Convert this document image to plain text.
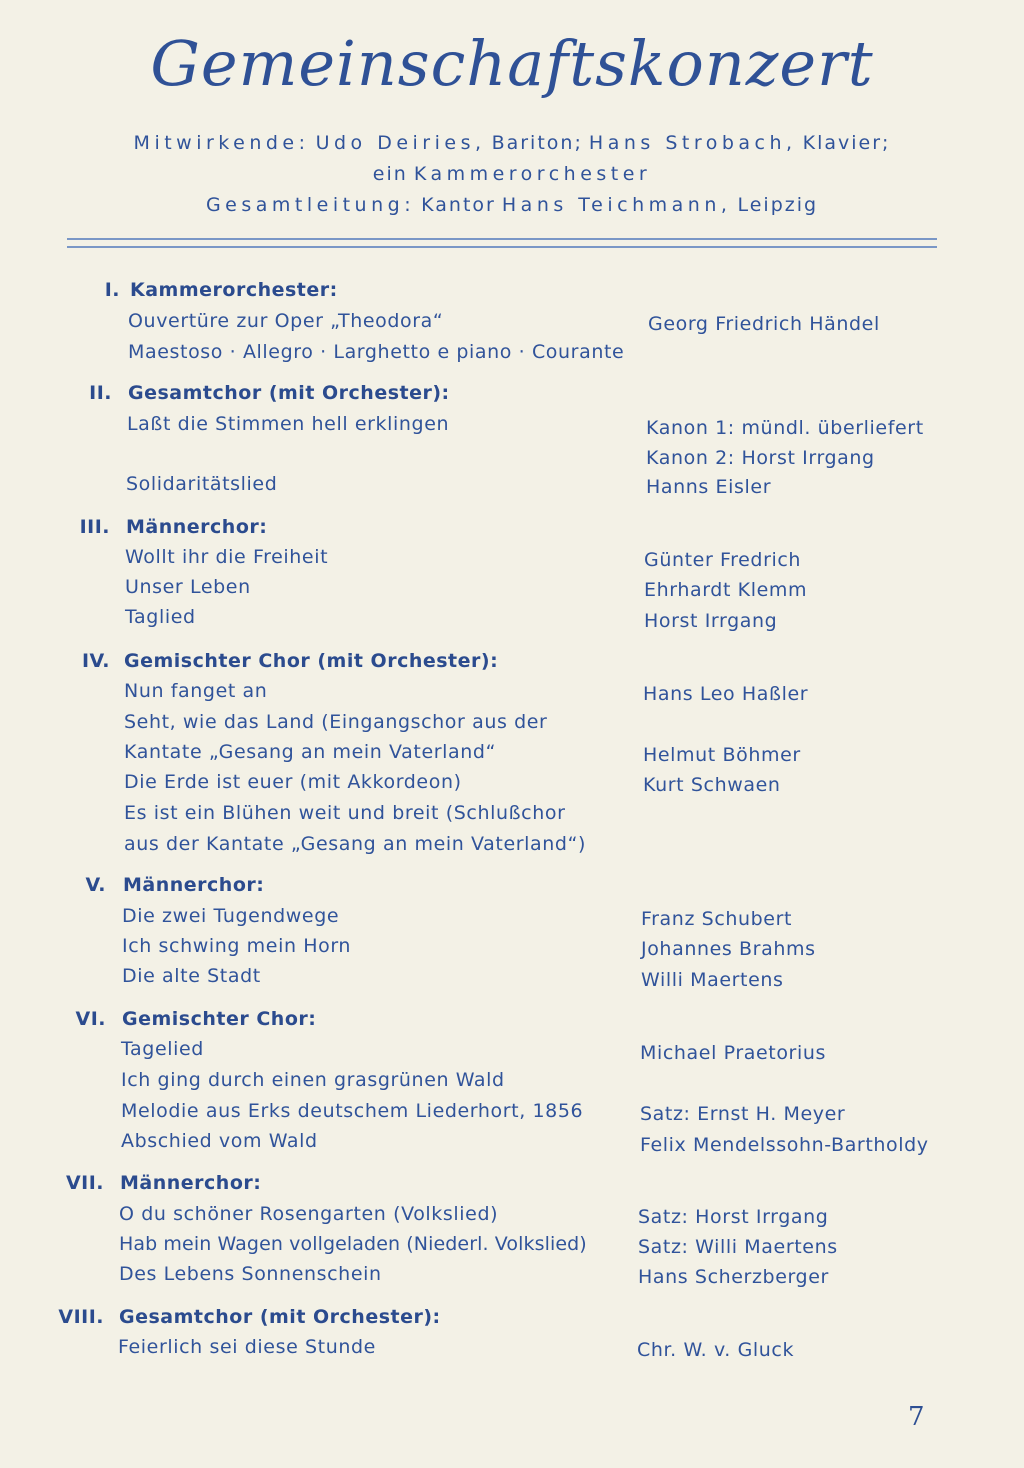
Gemeinschaftskonzert
Mitwirkende: Udo Deiries, Bariton; Hans Strobach, Klavier;
ein Kammerorchester
Gesamtleitung: Kantor Hans Teichmann, Leipzig
I. Kammerorchester:
Ouvertüre zur Oper „Theodora“
Maestoso · Allegro · Larghetto e piano · Courante
Georg Friedrich Händel
II. Gesamtchor (mit Orchester):
Laßt die Stimmen hell erklingen
Solidaritätslied
Kanon 1: mündl. überliefert
Kanon 2: Horst Irrgang
Hanns Eisler
III. Männerchor:
Wollt ihr die Freiheit
Unser Leben
Taglied
Günter Fredrich
Ehrhardt Klemm
Horst Irrgang
IV. Gemischter Chor (mit Orchester):
Nun fanget an
Seht, wie das Land (Eingangschor aus der
Kantate „Gesang an mein Vaterland“
Die Erde ist euer (mit Akkordeon)
Es ist ein Blühen weit und breit (Schlußchor
aus der Kantate „Gesang an mein Vaterland“)
Hans Leo Haßler
Helmut Böhmer
Kurt Schwaen
V. Männerchor:
Die zwei Tugendwege
Ich schwing mein Horn
Die alte Stadt
Franz Schubert
Johannes Brahms
Willi Maertens
VI. Gemischter Chor:
Tagelied
Ich ging durch einen grasgrünen Wald
Melodie aus Erks deutschem Liederhort, 1856
Abschied vom Wald
Michael Praetorius
Satz: Ernst H. Meyer
Felix Mendelssohn-Bartholdy
VII. Männerchor:
O du schöner Rosengarten (Volkslied)
Hab mein Wagen vollgeladen (Niederl. Volkslied)
Des Lebens Sonnenschein
Satz: Horst Irrgang
Satz: Willi Maertens
Hans Scherzberger
VIII. Gesamtchor (mit Orchester):
Feierlich sei diese Stunde	Chr. W. v. Gluck
7
